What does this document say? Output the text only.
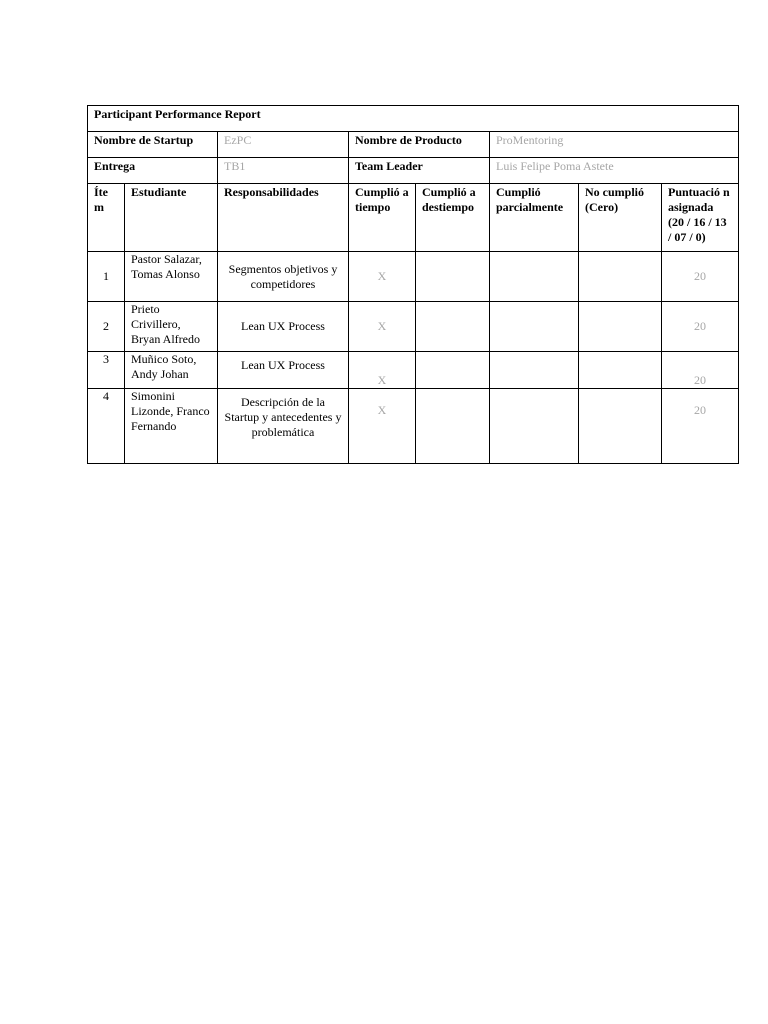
Participant Performance Report							
Nombre de Startup		EzPC	Nombre de Producto		ProMentoring		
Entrega		TB1	Team Leader		Luis Felipe Poma Astete		
Íte m	Estudiante	Responsabilidades	Cumplió a tiempo	Cumplió a destiempo	Cumplió parcialmente	No cumplió (Cero)	Puntuació n asignada (20 / 16 / 13 / 07 / 0)
1	Pastor Salazar, Tomas Alonso	Segmentos objetivos y competidores	X				20
2	Prieto Crivillero, Bryan Alfredo	Lean UX Process	X				20
3	Muñico Soto, Andy Johan	Lean UX Process	X				20
4	Simonini Lizonde, Franco Fernando	Descripción de la Startup y antecedentes y problemática	X				20
